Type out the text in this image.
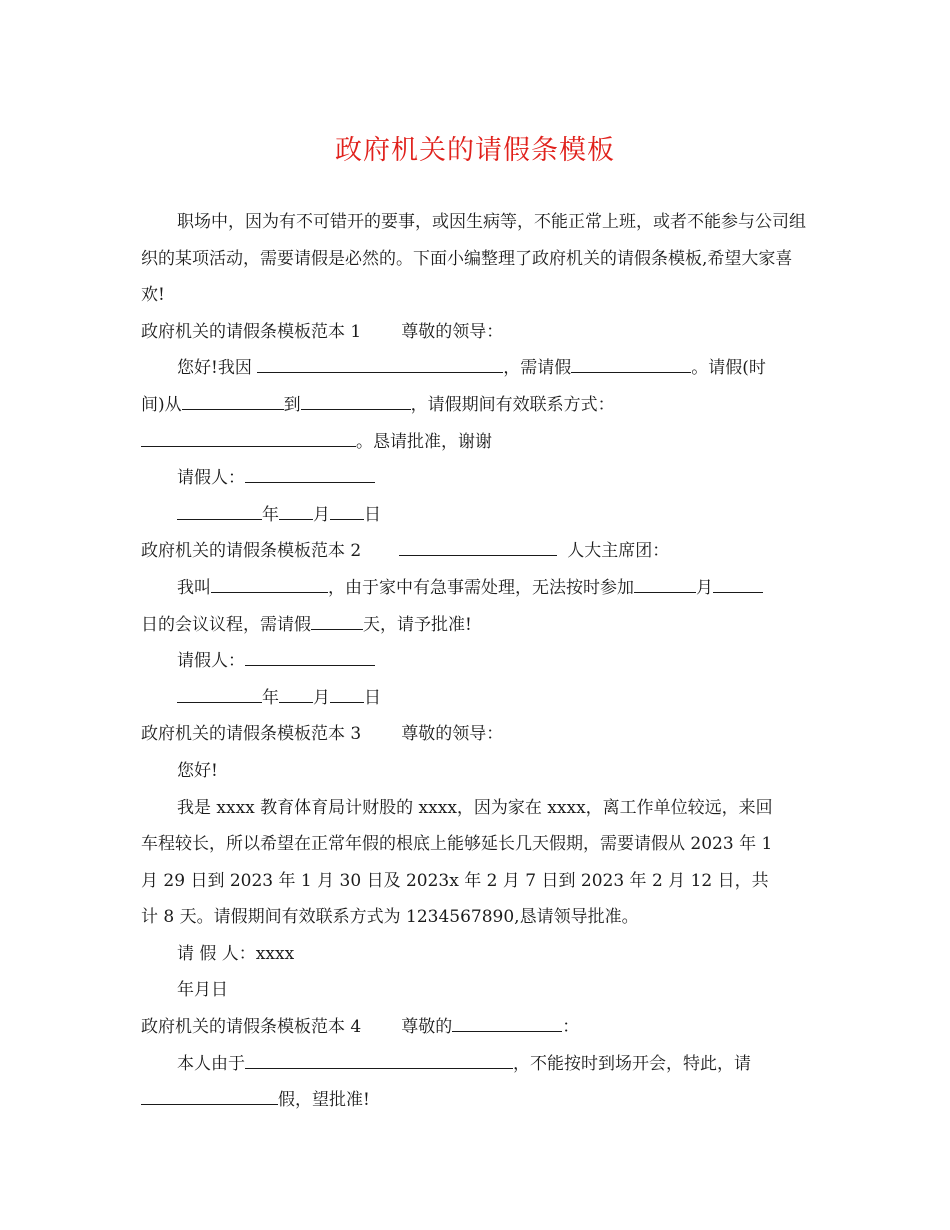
政府机关的请假条模板

职场中，因为有不可错开的要事，或因生病等，不能正常上班，或者不能参与公司组织的某项活动，需要请假是必然的。下面小编整理了政府机关的请假条模板,希望大家喜欢!

政府机关的请假条模板范本 1 尊敬的领导：

您好!我因	，需请假	。请假(时

间)从	到	，请假期间有效联系方式：

。恳请批准，谢谢

请假人：

年 月 日

政府机关的请假条模板范本 2	人大主席团：

我叫	，由于家中有急事需处理，无法按时参加	月

日的会议议程，需请假	天，请予批准!

请假人：

年 月 日

政府机关的请假条模板范本 3 尊敬的领导：

您好!

我是 xxxx 教育体育局计财股的 xxxx，因为家在 xxxx，离工作单位较远，来回车程较长，所以希望在正常年假的根底上能够延长几天假期，需要请假从 2023 年 1 月 29 日到 2023 年 1 月 30 日及 2023x 年 2 月 7 日到 2023 年 2 月 12 日，共计 8 天。请假期间有效联系方式为 1234567890,恳请领导批准。

请 假 人：xxxx

年月日

政府机关的请假条模板范本 4 尊敬的	：

本人由于	，不能按时到场开会，特此，请

假，望批准!
